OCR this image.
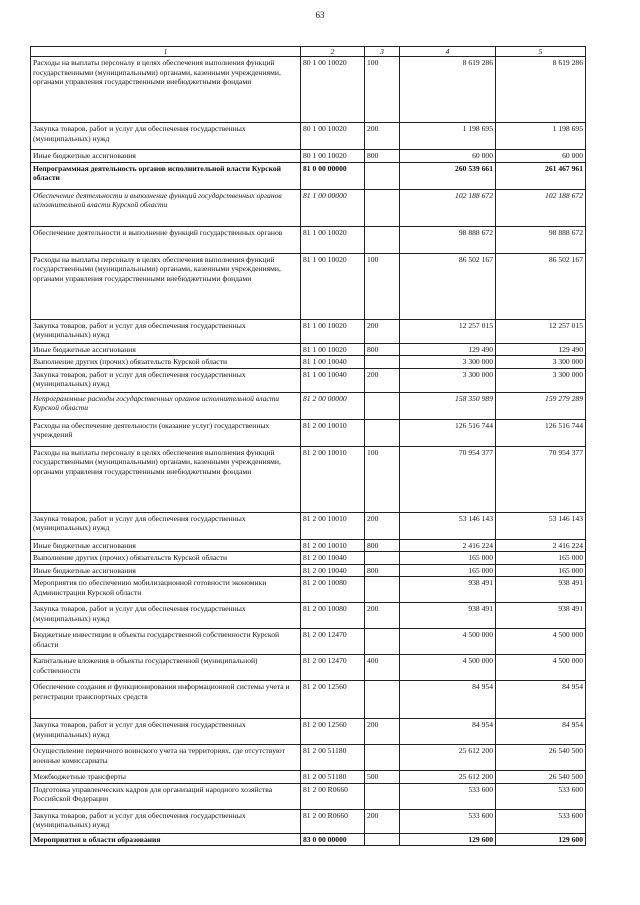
63
1	2	3	4	5
Расходы на выплаты персоналу в целях обеспечения выполнения функций государственными (муниципальными) органами, казенными учреждениями, органами управления государственными внебюджетными фондами	80 1 00 10020	100	8 619 286	8 619 286
Закупка товаров, работ и услуг для обеспечения государственных (муниципальных) нужд	80 1 00 10020	200	1 198 695	1 198 695
Иные бюджетные ассигнования	80 1 00 10020	800	60 000	60 000
Непрограммная деятельность органов исполнительной власти Курской области	81 0 00 00000		260 539 661	261 467 961
Обеспечение деятельности и выполнение функций государственных органов исполнительной власти Курской области	81 1 00 00000		102 188 672	102 188 672
Обеспечение деятельности и выполнение функций государственных органов	81 1 00 10020		98 888 672	98 888 672
Расходы на выплаты персоналу в целях обеспечения выполнения функций государственными (муниципальными) органами, казенными учреждениями, органами управления государственными внебюджетными фондами	81 1 00 10020	100	86 502 167	86 502 167
Закупка товаров, работ и услуг для обеспечения государственных (муниципальных) нужд	81 1 00 10020	200	12 257 015	12 257 015
Иные бюджетные ассигнования	81 1 00 10020	800	129 490	129 490
Выполнение других (прочих) обязательств Курской области	81 1 00 10040		3 300 000	3 300 000
Закупка товаров, работ и услуг для обеспечения государственных (муниципальных) нужд	81 1 00 10040	200	3 300 000	3 300 000
Непрограммные расходы государственных органов исполнительной власти Курской области	81 2 00 00000		158 350 989	159 279 289
Расходы на обеспечение деятельности (оказание услуг) государственных учреждений	81 2 00 10010		126 516 744	126 516 744
Расходы на выплаты персоналу в целях обеспечения выполнения функций государственными (муниципальными) органами, казенными учреждениями, органами управления государственными внебюджетными фондами	81 2 00 10010	100	70 954 377	70 954 377
Закупка товаров, работ и услуг для обеспечения государственных (муниципальных) нужд	81 2 00 10010	200	53 146 143	53 146 143
Иные бюджетные ассигнования	81 2 00 10010	800	2 416 224	2 416 224
Выполнение других (прочих) обязательств Курской области	81 2 00 10040		165 000	165 000
Иные бюджетные ассигнования	81 2 00 10040	800	165 000	165 000
Мероприятия по обеспечению мобилизационной готовности экономики Администрации Курской области	81 2 00 10080		938 491	938 491
Закупка товаров, работ и услуг для обеспечения государственных (муниципальных) нужд	81 2 00 10080	200	938 491	938 491
Бюджетные инвестиции в объекты государственной собственности Курской области	81 2 00 12470		4 500 000	4 500 000
Капитальные вложения в объекты государственной (муниципальной) собственности	81 2 00 12470	400	4 500 000	4 500 000
Обеспечение создания и функционирования информационной системы учета и регистрации транспортных средств	81 2 00 12560		84 954	84 954
Закупка товаров, работ и услуг для обеспечения государственных (муниципальных) нужд	81 2 00 12560	200	84 954	84 954
Осуществление первичного воинского учета на территориях, где отсутствуют военные комиссариаты	81 2 00 51180		25 612 200	26 540 500
Межбюджетные трансферты	81 2 00 51180	500	25 612 200	26 540 500
Подготовка управленческих кадров для организаций народного хозяйства Российской Федерации	81 2 00 R0660		533 600	533 600
Закупка товаров, работ и услуг для обеспечения государственных (муниципальных) нужд	81 2 00 R0660	200	533 600	533 600
Мероприятия в области образования	83 0 00 00000		129 600	129 600
